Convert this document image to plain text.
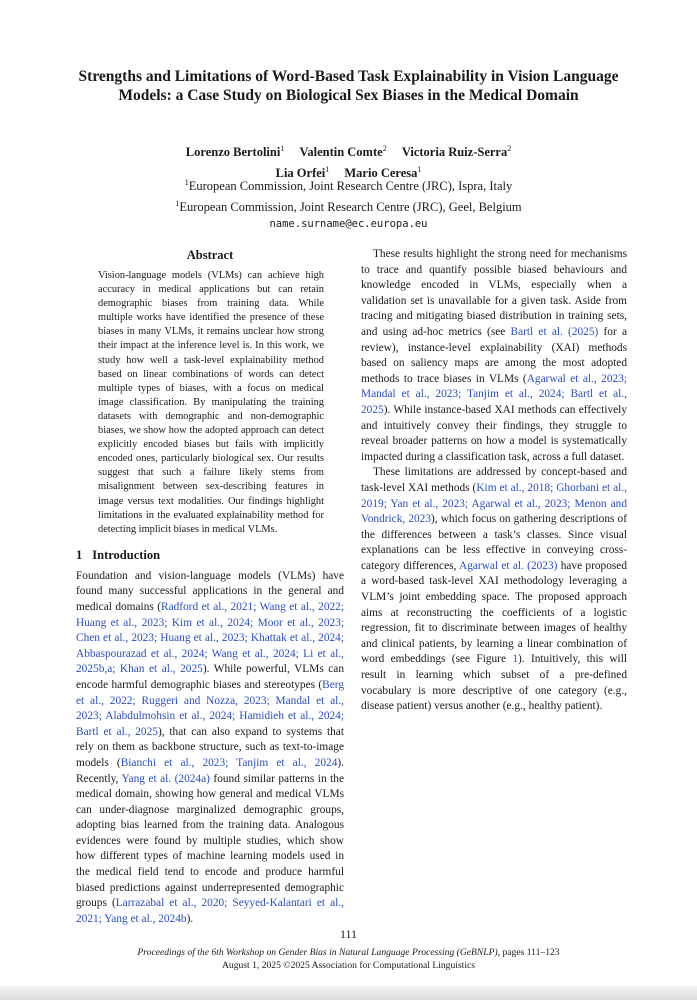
Strengths and Limitations of Word-Based Task Explainability in Vision Language Models: a Case Study on Biological Sex Biases in the Medical Domain
Lorenzo Bertolini$^1$ Valentin Comte$^2$ Victoria Ruiz-Serra$^2$
Lia Orfei$^1$ Mario Ceresa$^1$
$^1$European Commission, Joint Research Centre (JRC), Ispra, Italy
$^1$European Commission, Joint Research Centre (JRC), Geel, Belgium
name.surname@ec.europa.eu
Abstract

Vision-language models (VLMs) can achieve high accuracy in medical applications but can retain demographic biases from training data. While multiple works have identified the presence of these biases in many VLMs, it remains unclear how strong their impact at the inference level is. In this work, we study how well a task-level explainability method based on linear combinations of words can detect multiple types of biases, with a focus on medical image classification. By manipulating the training datasets with demographic and non-demographic biases, we show how the adopted approach can detect explicitly encoded biases but fails with implicitly encoded ones, particularly biological sex. Our results suggest that such a failure likely stems from misalignment between sex-describing features in image versus text modalities. Our findings highlight limitations in the evaluated explainability method for detecting implicit biases in medical VLMs.

1 Introduction

Foundation and vision-language models (VLMs) have found many successful applications in the general and medical domains (Radford et al., 2021; Wang et al., 2022; Huang et al., 2023; Kim et al., 2024; Moor et al., 2023; Chen et al., 2023; Huang et al., 2023; Khattak et al., 2024; Abbaspourazad et al., 2024; Wang et al., 2024; Li et al., 2025b,a; Khan et al., 2025). While powerful, VLMs can encode harmful demographic biases and stereotypes (Berg et al., 2022; Ruggeri and Nozza, 2023; Mandal et al., 2023; Alabdulmohsin et al., 2024; Hamidieh et al., 2024; Bartl et al., 2025), that can also expand to systems that rely on them as backbone structure, such as text-to-image models (Bianchi et al., 2023; Tanjim et al., 2024). Recently, Yang et al. (2024a) found similar patterns in the medical domain, showing how general and medical VLMs can under-diagnose marginalized demographic groups, adopting bias learned from the training data. Analogous evidences were found by multiple studies, which show how different types of machine learning models used in the medical field tend to encode and produce harmful biased predictions against underrepresented demographic groups (Larrazabal et al., 2020; Seyyed-Kalantari et al., 2021; Yang et al., 2024b).

These results highlight the strong need for mechanisms to trace and quantify possible biased behaviours and knowledge encoded in VLMs, especially when a validation set is unavailable for a given task. Aside from tracing and mitigating biased distribution in training sets, and using ad-hoc metrics (see Bartl et al. (2025) for a review), instance-level explainability (XAI) methods based on saliency maps are among the most adopted methods to trace biases in VLMs (Agarwal et al., 2023; Mandal et al., 2023; Tanjim et al., 2024; Bartl et al., 2025). While instance-based XAI methods can effectively and intuitively convey their findings, they struggle to reveal broader patterns on how a model is systematically impacted during a classification task, across a full dataset.

These limitations are addressed by concept-based and task-level XAI methods (Kim et al., 2018; Ghorbani et al., 2019; Yan et al., 2023; Agarwal et al., 2023; Menon and Vondrick, 2023), which focus on gathering descriptions of the differences between a task’s classes. Since visual explanations can be less effective in conveying cross-category differences, Agarwal et al. (2023) have proposed a word-based task-level XAI methodology leveraging a VLM’s joint embedding space. The proposed approach aims at reconstructing the coefficients of a logistic regression, fit to discriminate between images of healthy and clinical patients, by learning a linear combination of word embeddings (see Figure 1). Intuitively, this will result in learning which subset of a pre-defined vocabulary is more descriptive of one category (e.g., disease patient) versus another (e.g., healthy patient).

111
Proceedings of the 6th Workshop on Gender Bias in Natural Language Processing (GeBNLP), pages 111–123
August 1, 2025 ©2025 Association for Computational Linguistics
